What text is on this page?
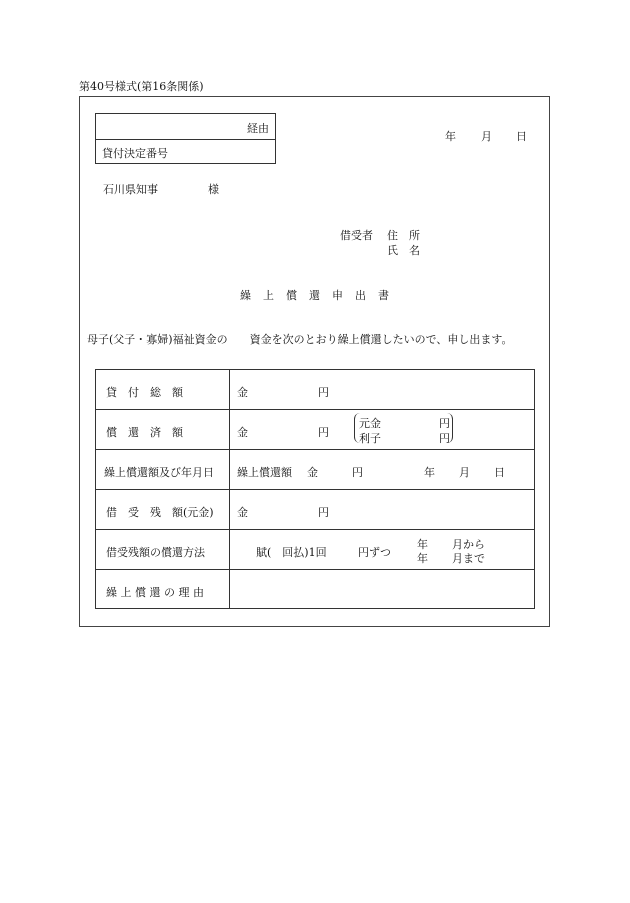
第40号様式(第16条関係)
経由
貸付決定番号
年 月 日
石川県知事	様
借受者 住　所
氏　名
繰 上 償 還 申 出 書
母子(父子・寡婦)福祉資金の　　資金を次のとおり繰上償還したいので、申し出ます。
貸　付　総　額	金	円
償　還　済　額	金	円
元金	円
利子	円
繰上償還額及び年月日 繰上償還額 金	円	年 月 日
借　受　残　額(元金) 金	円
借受残額の償還方法	賦(　回払)1回	円ずつ
年 月から
年 月まで
繰 上 償 還 の 理 由
